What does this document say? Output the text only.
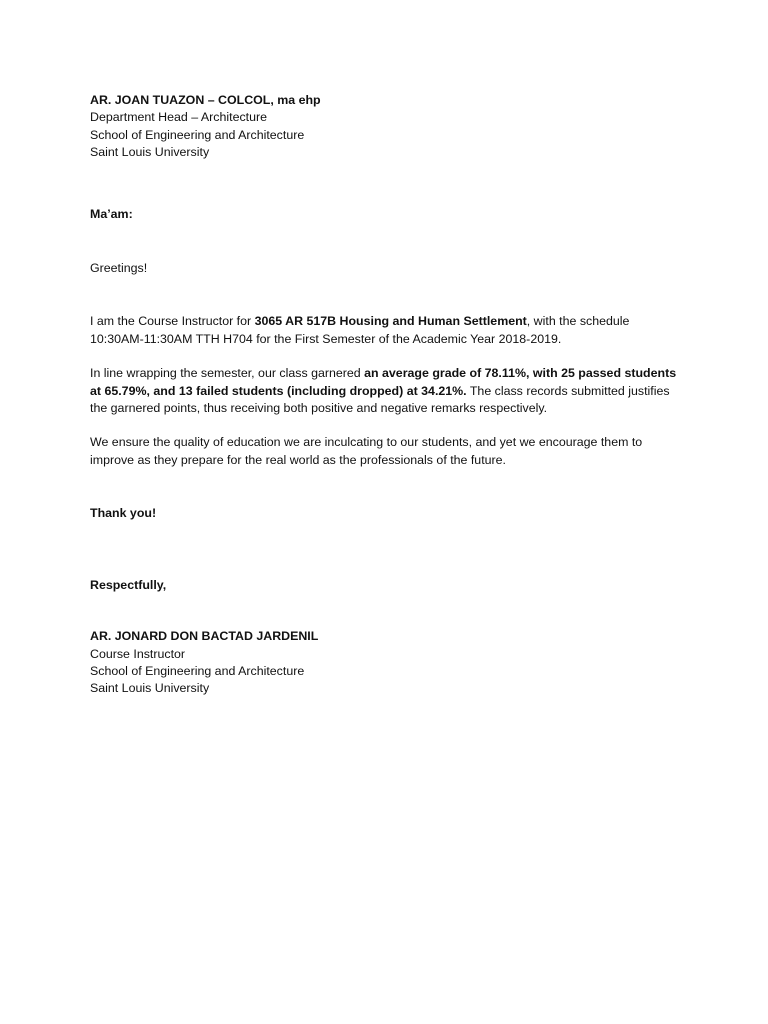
AR. JOAN TUAZON – COLCOL, ma ehp
Department Head – Architecture
School of Engineering and Architecture
Saint Louis University
Ma’am:
Greetings!
I am the Course Instructor for 3065 AR 517B Housing and Human Settlement, with the schedule
10:30AM-11:30AM TTH H704 for the First Semester of the Academic Year 2018-2019.
In line wrapping the semester, our class garnered an average grade of 78.11%, with 25 passed students
at 65.79%, and 13 failed students (including dropped) at 34.21%. The class records submitted justifies
the garnered points, thus receiving both positive and negative remarks respectively.
We ensure the quality of education we are inculcating to our students, and yet we encourage them to
improve as they prepare for the real world as the professionals of the future.
Thank you!
Respectfully,
AR. JONARD DON BACTAD JARDENIL
Course Instructor
School of Engineering and Architecture
Saint Louis University
